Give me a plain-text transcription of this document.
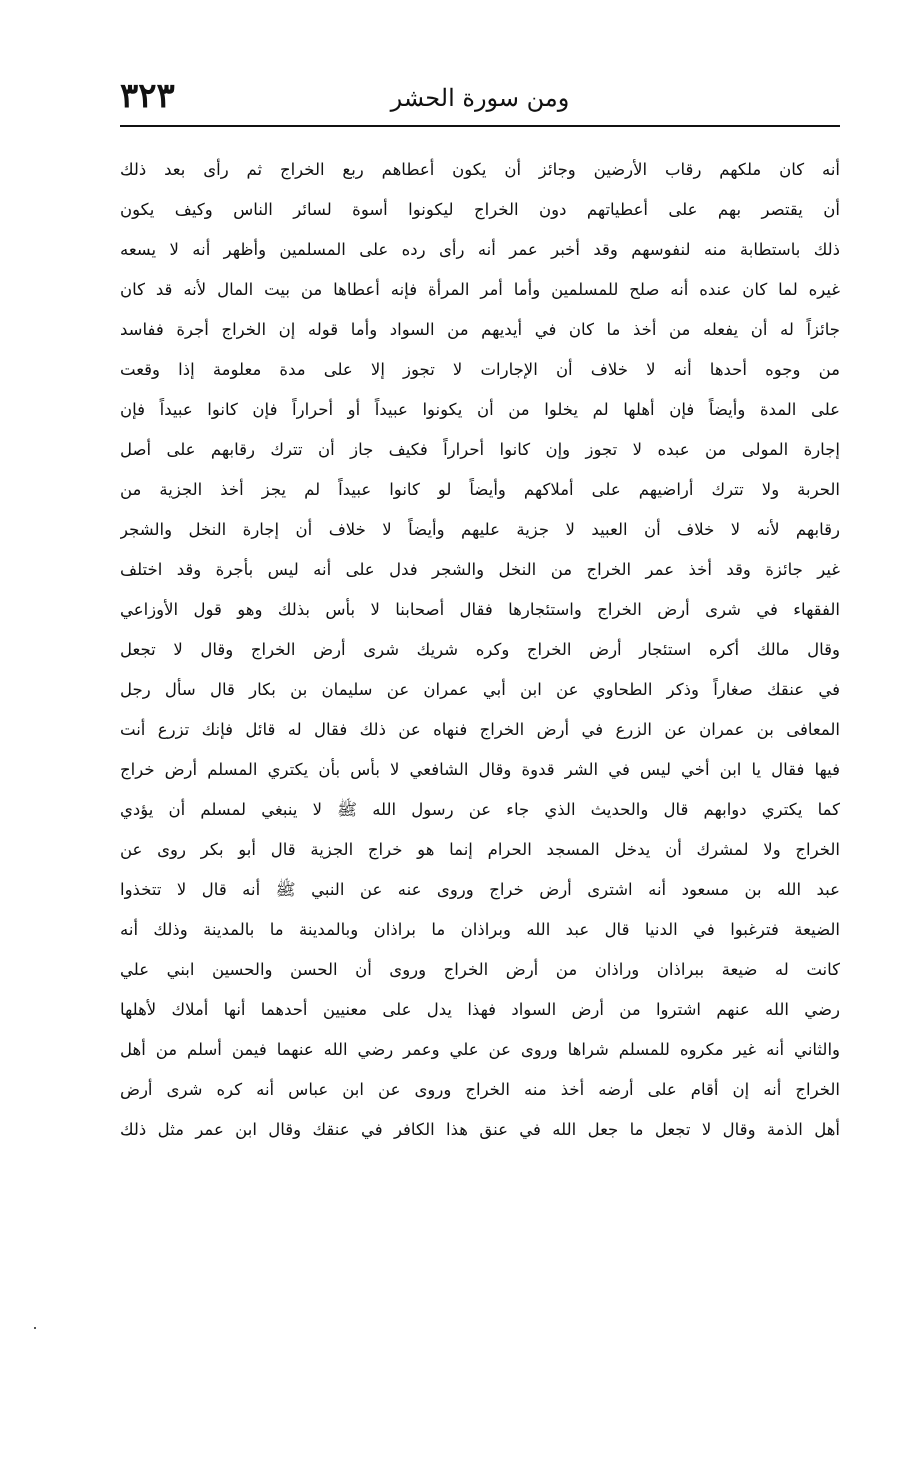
ومن سورة الحشر
٣٢٣
أنه كان ملكهم رقاب الأرضين وجائز أن يكون أعطاهم ربع الخراج ثم رأى بعد ذلك
أن يقتصر بهم على أعطياتهم دون الخراج ليكونوا أسوة لسائر الناس وكيف يكون
ذلك باستطابة منه لنفوسهم وقد أخبر عمر أنه رأى رده على المسلمين وأظهر أنه لا يسعه
غيره لما كان عنده أنه صلح للمسلمين وأما أمر المرأة فإنه أعطاها من بيت المال لأنه قد كان
جائزاً له أن يفعله من أخذ ما كان في أيديهم من السواد وأما قوله إن الخراج أجرة ففاسد
من وجوه أحدها أنه لا خلاف أن الإجارات لا تجوز إلا على مدة معلومة إذا وقعت
على المدة وأيضاً فإن أهلها لم يخلوا من أن يكونوا عبيداً أو أحراراً فإن كانوا عبيداً فإن
إجارة المولى من عبده لا تجوز وإن كانوا أحراراً فكيف جاز أن تترك رقابهم على أصل
الحربة ولا تترك أراضيهم على أملاكهم وأيضاً لو كانوا عبيداً لم يجز أخذ الجزية من
رقابهم لأنه لا خلاف أن العبيد لا جزية عليهم وأيضاً لا خلاف أن إجارة النخل والشجر
غير جائزة وقد أخذ عمر الخراج من النخل والشجر فدل على أنه ليس بأجرة وقد اختلف
الفقهاء في شرى أرض الخراج واستئجارها فقال أصحابنا لا بأس بذلك وهو قول الأوزاعي
وقال مالك أكره استئجار أرض الخراج وكره شريك شرى أرض الخراج وقال لا تجعل
في عنقك صغاراً وذكر الطحاوي عن ابن أبي عمران عن سليمان بن بكار قال سأل رجل
المعافى بن عمران عن الزرع في أرض الخراج فنهاه عن ذلك فقال له قائل فإنك تزرع أنت
فيها فقال يا ابن أخي ليس في الشر قدوة وقال الشافعي لا بأس بأن يكتري المسلم أرض خراج
كما يكتري دوابهم قال والحديث الذي جاء عن رسول الله ﷺ لا ينبغي لمسلم أن يؤدي
الخراج ولا لمشرك أن يدخل المسجد الحرام إنما هو خراج الجزية قال أبو بكر روى عن
عبد الله بن مسعود أنه اشترى أرض خراج وروى عنه عن النبي ﷺ أنه قال لا تتخذوا
الضيعة فترغبوا في الدنيا قال عبد الله وبراذان ما براذان وبالمدينة ما بالمدينة وذلك أنه
كانت له ضيعة ببراذان وراذان من أرض الخراج وروى أن الحسن والحسين ابني علي
رضي الله عنهم اشتروا من أرض السواد فهذا يدل على معنيين أحدهما أنها أملاك لأهلها
والثاني أنه غير مكروه للمسلم شراها وروى عن علي وعمر رضي الله عنهما فيمن أسلم من أهل
الخراج أنه إن أقام على أرضه أخذ منه الخراج وروى عن ابن عباس أنه كره شرى أرض
أهل الذمة وقال لا تجعل ما جعل الله في عنق هذا الكافر في عنقك وقال ابن عمر مثل ذلك
